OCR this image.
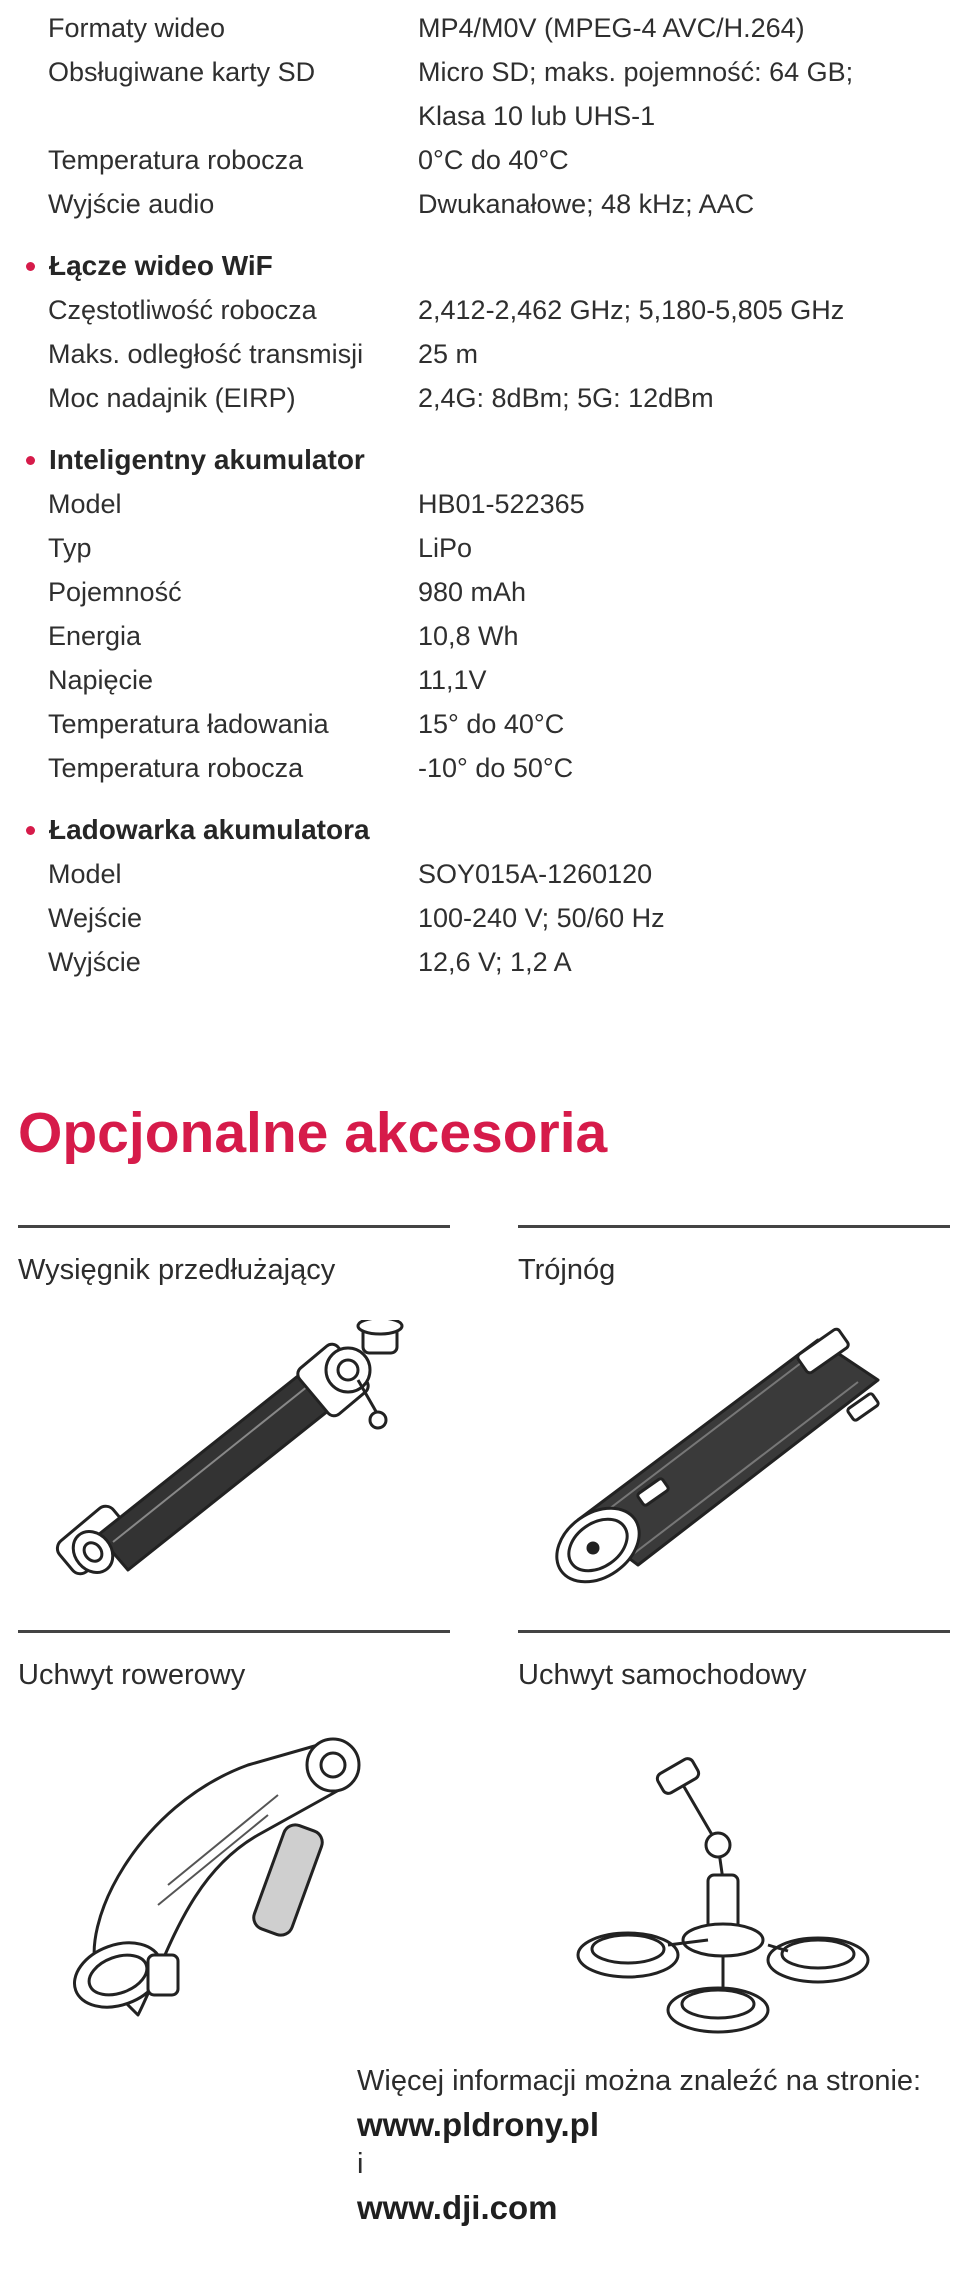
Formaty wideo	MP4/M0V (MPEG-4 AVC/H.264)
Obsługiwane karty SD	Micro SD; maks. pojemność: 64 GB;
Klasa 10 lub UHS-1
Temperatura robocza	0°C do 40°C
Wyjście audio	Dwukanałowe; 48 kHz; AAC
Łącze wideo WiF
Częstotliwość robocza	2,412-2,462 GHz; 5,180-5,805 GHz
Maks. odległość transmisji	25 m
Moc nadajnik (EIRP)	2,4G: 8dBm; 5G: 12dBm
Inteligentny akumulator
Model	HB01-522365
Typ	LiPo
Pojemność	980 mAh
Energia	10,8 Wh
Napięcie	11,1V
Temperatura ładowania	15° do 40°C
Temperatura robocza	-10° do 50°C
Ładowarka akumulatora
Model	SOY015A-1260120
Wejście	100-240 V; 50/60 Hz
Wyjście	12,6 V; 1,2 A
Opcjonalne akcesoria
Wysięgnik przedłużający	Trójnóg
Uchwyt rowerowy	Uchwyt samochodowy
Więcej informacji można znaleźć na stronie:
www.pldrony.pl
i
www.dji.com
